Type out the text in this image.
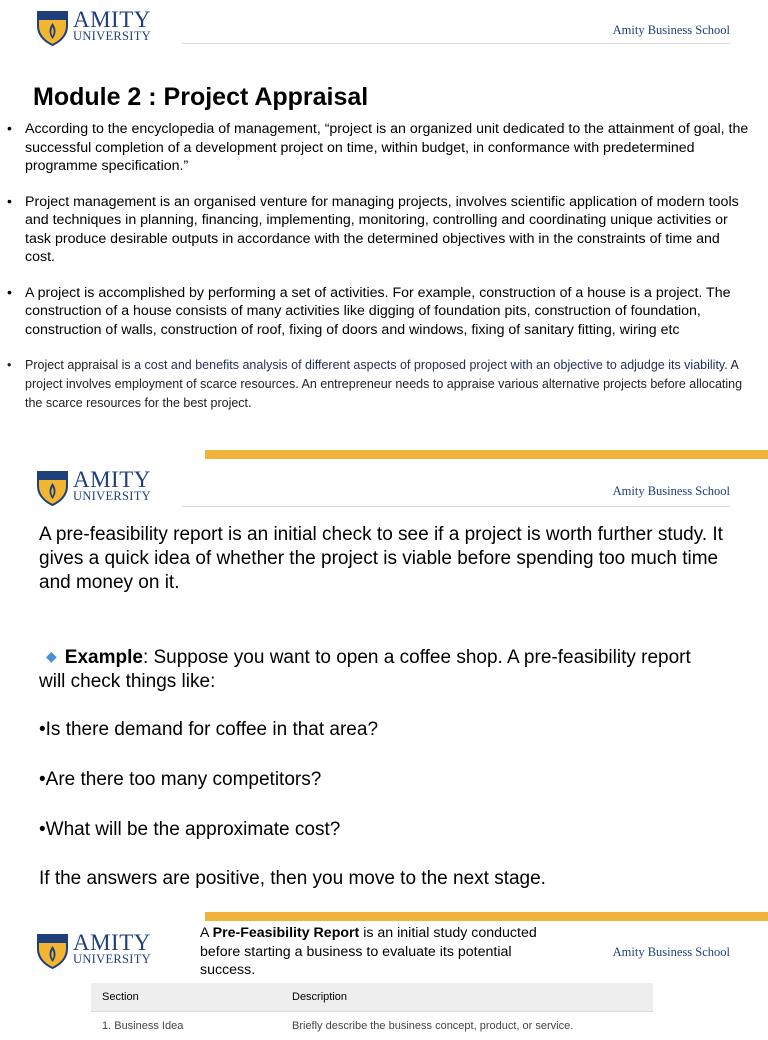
AMITY
UNIVERSITY	Amity Business School
Module 2 : Project Appraisal
• According to the encyclopedia of management, “project is an organized unit dedicated to the attainment of goal, the successful completion of a development project on time, within budget, in conformance with predetermined programme specification.”
• Project management is an organised venture for managing projects, involves scientific application of modern tools and techniques in planning, financing, implementing, monitoring, controlling and coordinating unique activities or task produce desirable outputs in accordance with the determined objectives with in the constraints of time and cost.
• A project is accomplished by performing a set of activities. For example, construction of a house is a project. The construction of a house consists of many activities like digging of foundation pits, construction of foundation, construction of walls, construction of roof, fixing of doors and windows, fixing of sanitary fitting, wiring etc
• Project appraisal is a cost and benefits analysis of different aspects of proposed project with an objective to adjudge its viability. A project involves employment of scarce resources. An entrepreneur needs to appraise various alternative projects before allocating the scarce resources for the best project.
AMITY
UNIVERSITY	Amity Business School

A pre-feasibility report is an initial check to see if a project is worth further study. It gives a quick idea of whether the project is viable before spending too much time and money on it.

◆ Example: Suppose you want to open a coffee shop. A pre-feasibility report will check things like:

•Is there demand for coffee in that area?

•Are there too many competitors?

•What will be the approximate cost?

If the answers are positive, then you move to the next stage.

AMITY
UNIVERSITY	Amity Business School
A Pre-Feasibility Report is an initial study conducted before starting a business to evaluate its potential success.
Section	Description
1. Business Idea	Briefly describe the business concept, product, or service.
